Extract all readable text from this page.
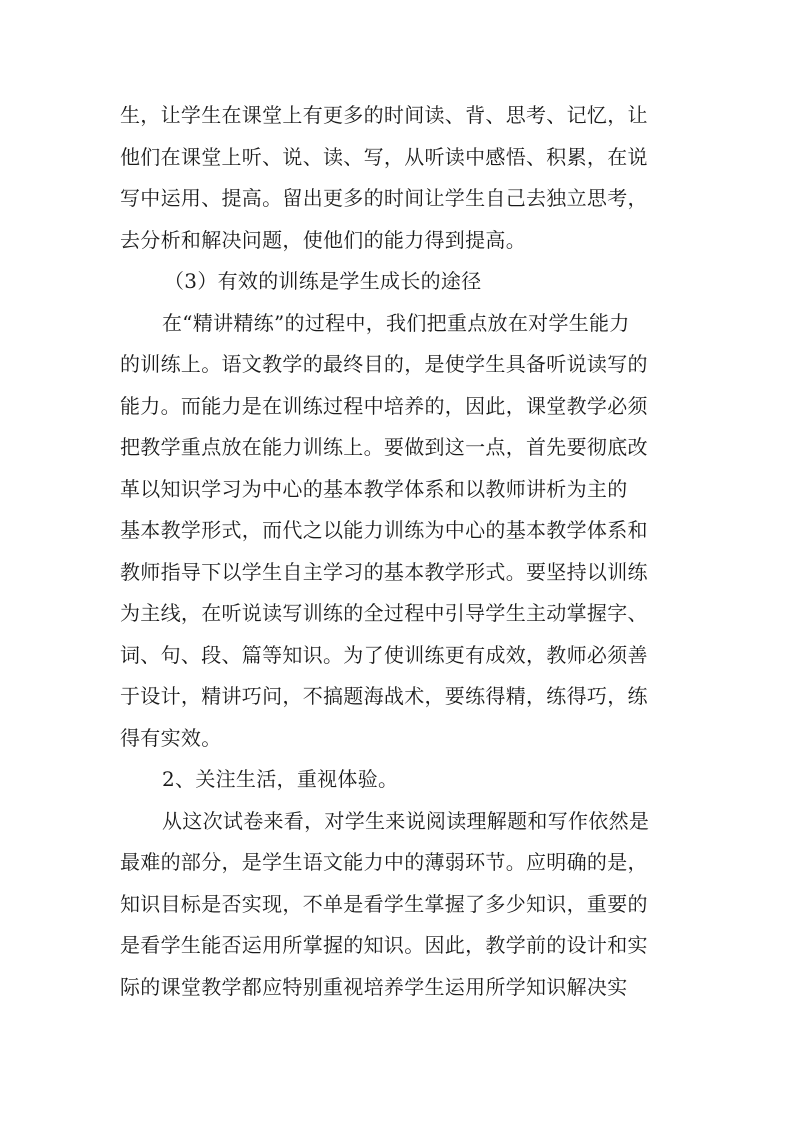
生，让学生在课堂上有更多的时间读、背、思考、记忆，让
他们在课堂上听、说、读、写，从听读中感悟、积累，在说
写中运用、提高。留出更多的时间让学生自己去独立思考，
去分析和解决问题，使他们的能力得到提高。
（3）有效的训练是学生成长的途径
在“精讲精练”的过程中，我们把重点放在对学生能力
的训练上。语文教学的最终目的，是使学生具备听说读写的
能力。而能力是在训练过程中培养的，因此，课堂教学必须
把教学重点放在能力训练上。要做到这一点，首先要彻底改
革以知识学习为中心的基本教学体系和以教师讲析为主的
基本教学形式，而代之以能力训练为中心的基本教学体系和
教师指导下以学生自主学习的基本教学形式。要坚持以训练
为主线，在听说读写训练的全过程中引导学生主动掌握字、
词、句、段、篇等知识。为了使训练更有成效，教师必须善
于设计，精讲巧问，不搞题海战术，要练得精，练得巧，练
得有实效。
2、关注生活，重视体验。
从这次试卷来看，对学生来说阅读理解题和写作依然是
最难的部分，是学生语文能力中的薄弱环节。应明确的是，
知识目标是否实现，不单是看学生掌握了多少知识，重要的
是看学生能否运用所掌握的知识。因此，教学前的设计和实
际的课堂教学都应特别重视培养学生运用所学知识解决实
